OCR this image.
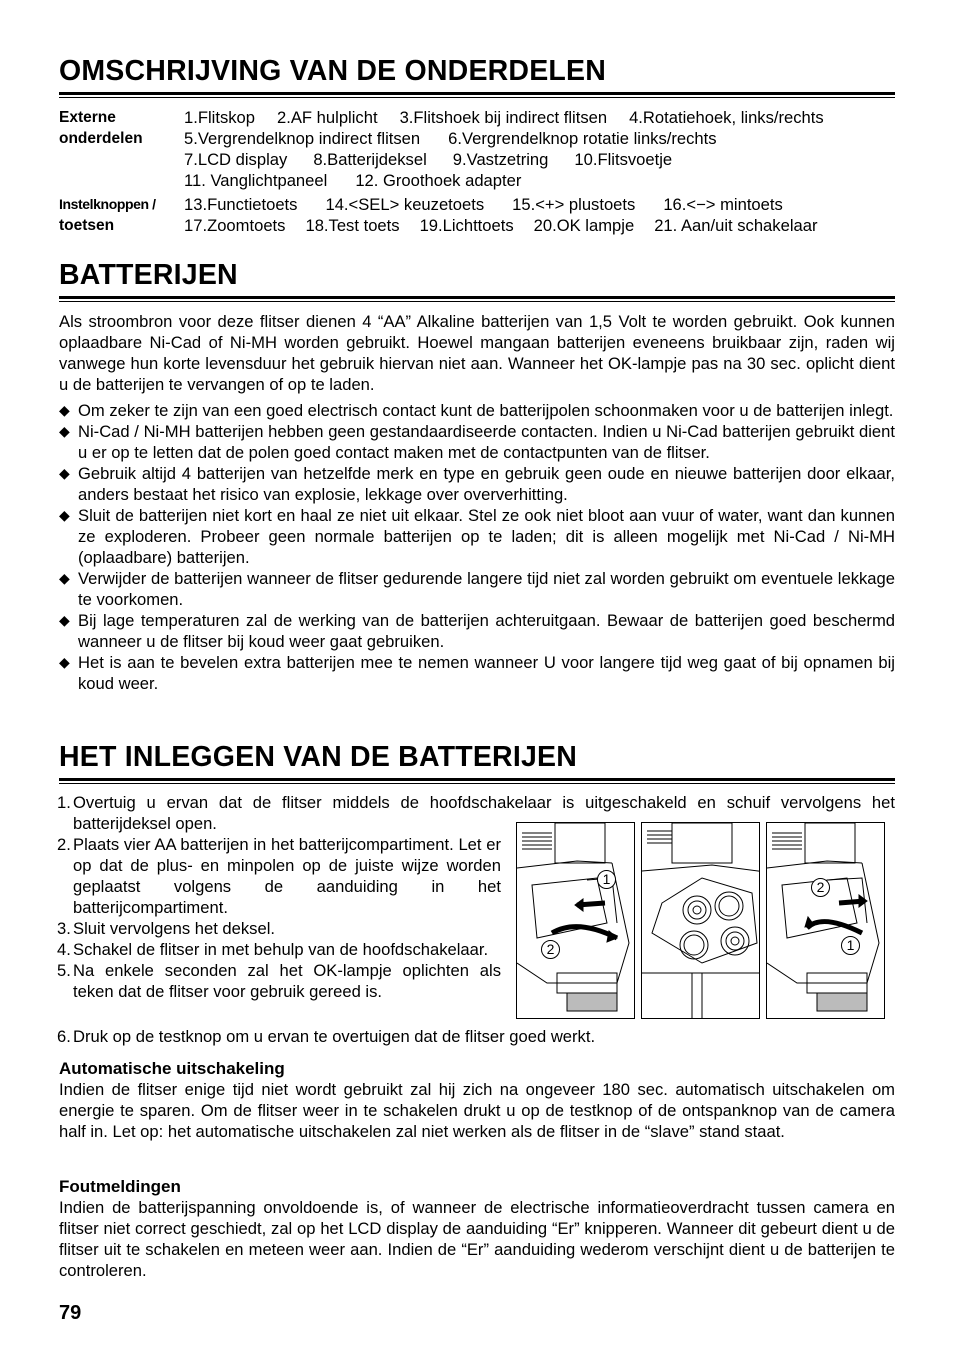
OMSCHRIJVING VAN DE ONDERDELEN
Externe
onderdelen
1.Flitskop 2.AF hulplicht 3.Flitshoek bij indirect flitsen 4.Rotatiehoek, links/rechts
5.Vergrendelknop indirect flitsen 6.Vergrendelknop rotatie links/rechts
7.LCD display 8.Batterijdeksel 9.Vastzetring 10.Flitsvoetje
11. Vanglichtpaneel 12. Groothoek adapter
Instelknoppen /
toetsen
13.Functietoets 14.<SEL> keuzetoets 15.<+> plustoets 16.<−> mintoets
17.Zoomtoets 18.Test toets 19.Lichttoets 20.OK lampje 21. Aan/uit schakelaar
BATTERIJEN

Als stroombron voor deze flitser dienen 4 “AA” Alkaline batterijen van 1,5 Volt te worden gebruikt. Ook kunnen oplaadbare Ni-Cad of Ni-MH worden gebruikt. Hoewel mangaan batterijen eveneens bruikbaar zijn, raden wij vanwege hun korte levensduur het gebruik hiervan niet aan. Wanneer het OK-lampje pas na 30 sec. oplicht dient u de batterijen te vervangen of op te laden.

◆ Om zeker te zijn van een goed electrisch contact kunt de batterijpolen schoonmaken voor u de batterijen inlegt.
◆ Ni-Cad / Ni-MH batterijen hebben geen gestandaardiseerde contacten. Indien u Ni-Cad batterijen gebruikt dient u er op te letten dat de polen goed contact maken met de contactpunten van de flitser.
◆ Gebruik altijd 4 batterijen van hetzelfde merk en type en gebruik geen oude en nieuwe batterijen door elkaar, anders bestaat het risico van explosie, lekkage over oververhitting.
◆ Sluit de batterijen niet kort en haal ze niet uit elkaar. Stel ze ook niet bloot aan vuur of water, want dan kunnen ze exploderen. Probeer geen normale batterijen op te laden; dit is alleen mogelijk met Ni-Cad / Ni-MH (oplaadbare) batterijen.
◆ Verwijder de batterijen wanneer de flitser gedurende langere tijd niet zal worden gebruikt om eventuele lekkage te voorkomen.
◆ Bij lage temperaturen zal de werking van de batterijen achteruitgaan. Bewaar de batterijen goed beschermd wanneer u de flitser bij koud weer gaat gebruiken.
◆ Het is aan te bevelen extra batterijen mee te nemen wanneer U voor langere tijd weg gaat of bij opnamen bij koud weer.
HET INLEGGEN VAN DE BATTERIJEN
1. Overtuig u ervan dat de flitser middels de hoofdschakelaar is uitgeschakeld en schuif vervolgens het batterijdeksel open.
2. Plaats vier AA batterijen in het batterijcompartiment. Let er op dat de plus- en minpolen op de juiste wijze worden geplaatst volgens de aanduiding in het batterijcompartiment.
3. Sluit vervolgens het deksel.
4. Schakel de flitser in met behulp van de hoofdschakelaar.
5. Na enkele seconden zal het OK-lampje oplichten als teken dat de flitser voor gebruik gereed is.
6. Druk op de testknop om u ervan te overtuigen dat de flitser goed werkt.
1
2
2
1
Automatische uitschakeling

Indien de flitser enige tijd niet wordt gebruikt zal hij zich na ongeveer 180 sec. automatisch uitschakelen om energie te sparen. Om de flitser weer in te schakelen drukt u op de testknop of de ontspanknop van de camera half in. Let op: het automatische uitschakelen zal niet werken als de flitser in de “slave” stand staat.

Foutmeldingen

Indien de batterijspanning onvoldoende is, of wanneer de electrische informatieoverdracht tussen camera en flitser niet correct geschiedt, zal op het LCD display de aanduiding “Er” knipperen. Wanneer dit gebeurt dient u de flitser uit te schakelen en meteen weer aan. Indien de “Er” aanduiding wederom verschijnt dient u de batterijen te controleren.

79
